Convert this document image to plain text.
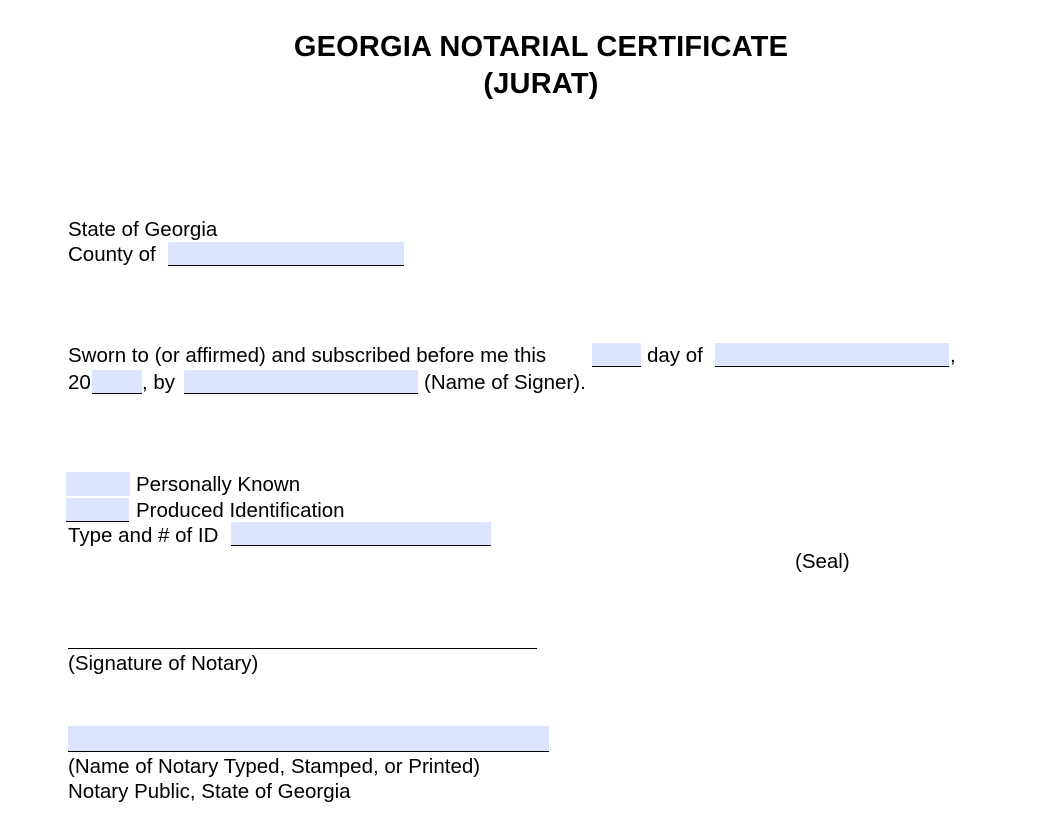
GEORGIA NOTARIAL CERTIFICATE
(JURAT)
State of Georgia
County of
Sworn to (or affirmed) and subscribed before me this	day of	,
20 , by	(Name of Signer).
Personally Known
Produced Identification
Type and # of ID
(Seal)
(Signature of Notary)
(Name of Notary Typed, Stamped, or Printed)
Notary Public, State of Georgia
